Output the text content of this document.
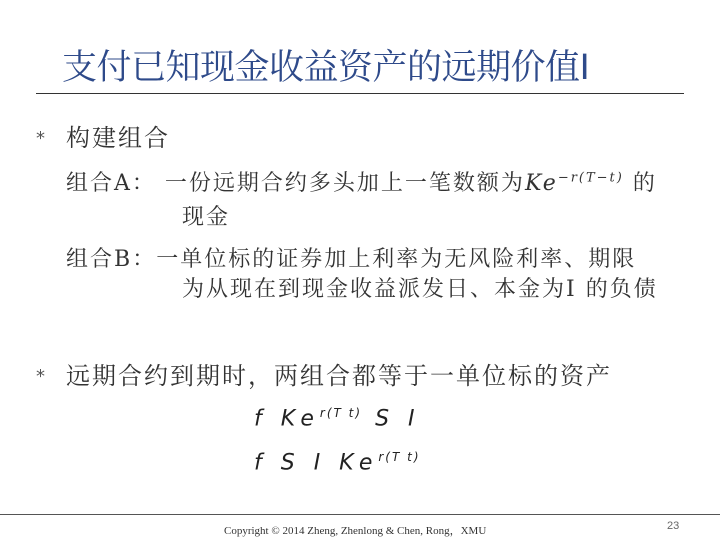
支付已知现金收益资产的远期价值I
* 构建组合
组合A： 一份远期合约多头加上一笔数额为$Ke^{-r(T-t)}$ 的
现金
组合B：一单位标的证券加上利率为无风险利率、期限
为从现在到现金收益派发日、本金为I 的负债
* 远期合约到期时，两组合都等于一单位标的资产
f $Ke^{r(T t)}$ S I
f S I $Ke^{r(T t)}$
Copyright © 2014 Zheng, Zhenlong & Chen, Rong，XMU	23
